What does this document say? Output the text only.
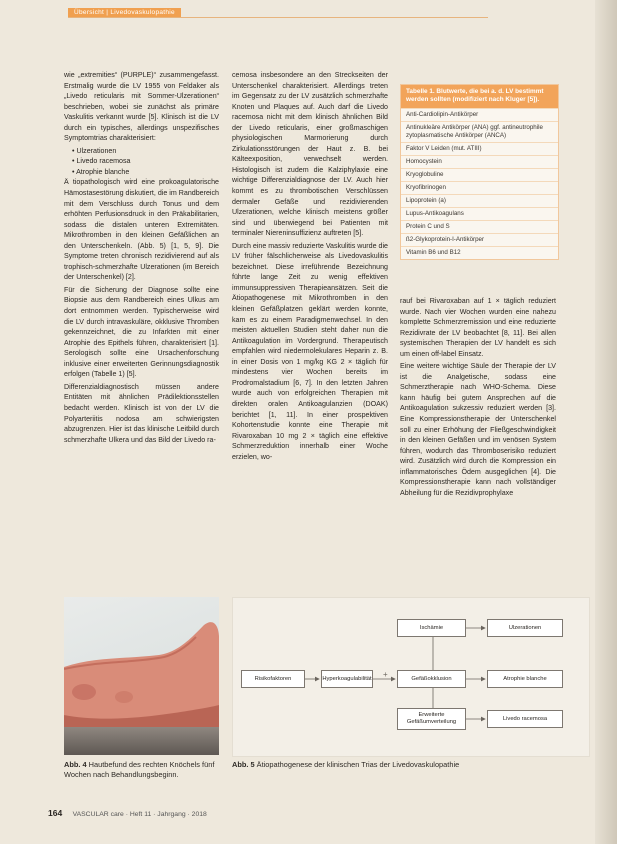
Übersicht | Livedovaskulopathie

wie „extremities“ (PURPLE)“ zusammengefasst. Erstmalig wurde die LV 1955 von Feldaker als „Livedo reticularis mit Sommer-Ulzerationen“ beschrieben, wobei sie zunächst als primäre Vaskulitis verkannt wurde [5]. Klinisch ist die LV durch ein typisches, allerdings unspezifisches Symptomtrias charakterisiert:

• Ulzerationen
• Livedo racemosa
• Atrophie blanche

Ä tiopathologisch wird eine prokoagulatorische Hämostasestörung diskutiert, die im Randbereich mit dem Verschluss durch Tonus und dem erhöhten Perfusionsdruck in den Präkabilitarien, sodass die distalen unteren Extremitäten. Mikrothromben in den kleinen Gefäßlichen an den Unterschenkeln. (Abb. 5) [1, 5, 9]. Die Symptome treten chronisch rezidivierend auf als trophisch-schmerzhafte Ulzerationen (im Bereich der Unterschenkel) [2].

Für die Sicherung der Diagnose sollte eine Biopsie aus dem Randbereich eines Ulkus am dort entnommen werden. Typischerweise wird die LV durch intravaskuläre, okklusive Thromben gekennzeichnet, die zu Infarkten mit einer Atrophie des Epithels führen, charakterisiert [1]. Serologisch sollte eine Ursachenforschung inklusive einer erweiterten Gerinnungsdiagnostik erfolgen (Tabelle 1) [5].

Differenzialdiagnostisch müssen andere Entitäten mit ähnlichen Prädilektionsstellen bedacht werden. Klinisch ist von der LV die Polyarteriitis nodosa am schwierigsten abzugrenzen. Hier ist das klinische Leitbild durch schmerzhafte Ulkera und das Bild der Livedo ra-

cemosa insbesondere an den Streckseiten der Unterschenkel charakterisiert. Allerdings treten im Gegensatz zu der LV zusätzlich schmerzhafte Knoten und Plaques auf. Auch darf die Livedo racemosa nicht mit dem klinisch ähnlichen Bild der Livedo reticularis, einer großmaschigen physiologischen Marmorierung durch Zirkulationsstörungen der Haut z. B. bei Kälteexposition, verwechselt werden. Histologisch ist zudem die Kalziphylaxie eine wichtige Differenzialdiagnose der LV. Auch hier kommt es zu thrombotischen Verschlüssen dermaler Gefäße und rezidivierenden Ulzerationen, welche klinisch meistens größer sind und überwiegend bei Patienten mit terminaler Niereninsuffizienz auftreten [5].

Durch eine massiv reduzierte Vaskulitis wurde die LV früher fälschlicherweise als Livedovaskulitis bezeichnet. Diese irreführende Bezeichnung führte lange Zeit zu wenig effektiven immunsuppressiven Therapieansätzen. Seit die Ätiopathogenese mit Mikrothromben in den kleinen Gefäßplatzen geklärt werden konnte, kam es zu einem Paradigmenwechsel. In den meisten aktuellen Studien steht daher nun die Antikoagulation im Vordergrund. Therapeutisch empfahlen wird niedermolekulares Heparin z. B. in einer Dosis von 1 mg/kg KG 2 × täglich für mindestens vier Wochen bereits im Prodromalstadium [6, 7]. In den letzten Jahren wurde auch von erfolgreichen Therapien mit direkten oralen Antikoagulanzien (DOAK) berichtet [1, 11]. In einer prospektiven Kohortenstudie konnte eine Therapie mit Rivaroxaban 10 mg 2 × täglich eine effektive Schmerzreduktion innerhalb einer Woche erzielen, wo-

Tabelle 1. Blutwerte, die bei a. d. LV bestimmt werden sollten (modifiziert nach Kluger [5]).
Anti-Cardiolipin-Antikörper
Antinukleäre Antikörper (ANA) ggf. antineutrophile zytoplasmatische Antikörper (ANCA)
Faktor V Leiden (mut. ATIII)
Homocystein
Kryoglobuline
Kryofibrinogen
Lipoprotein (a)
Lupus-Antikoagulans
Protein C und S
ß2-Glykoprotein-I-Antikörper
Vitamin B6 und B12

rauf bei Rivaroxaban auf 1 × täglich reduziert wurde. Nach vier Wochen wurden eine nahezu komplette Schmerzremission und eine reduzierte Rezidivrate der LV beobachtet [8, 11]. Bei allen systemischen Therapien der LV handelt es sich um einen off-label Einsatz.

Eine weitere wichtige Säule der Therapie der LV ist die Analgetische, sodass eine Schmerztherapie nach WHO-Schema. Diese kann häufig bei gutem Ansprechen auf die Antikoagulation sukzessiv reduziert werden [3]. Eine Kompressionstherapie der Unterschenkel soll zu einer Erhöhung der Fließgeschwindigkeit in den kleinen Gefäßen und im venösen System führen, wodurch das Thromboserisiko reduziert wird. Zusätzlich wird durch die Kompression ein inflammatorisches Ödem ausgeglichen [4]. Die Kompressionstherapie kann nach vollständiger Abheilung für die Rezidivprophylaxe

Risikofaktoren	Hyperkoagulabilität +	Gefäßokklusion
Ischämie	Ulzerationen
Atrophie blanche
Erweiterte Gefäßumverteilung
Livedo racemosa
Abb. 4 Hautbefund des rechten Knöchels fünf Wochen nach Behandlungsbeginn.
Abb. 5 Ätiopathogenese der klinischen Trias der Livedovaskulopathie
164 VASCULAR care · Heft 11 · Jahrgang · 2018
